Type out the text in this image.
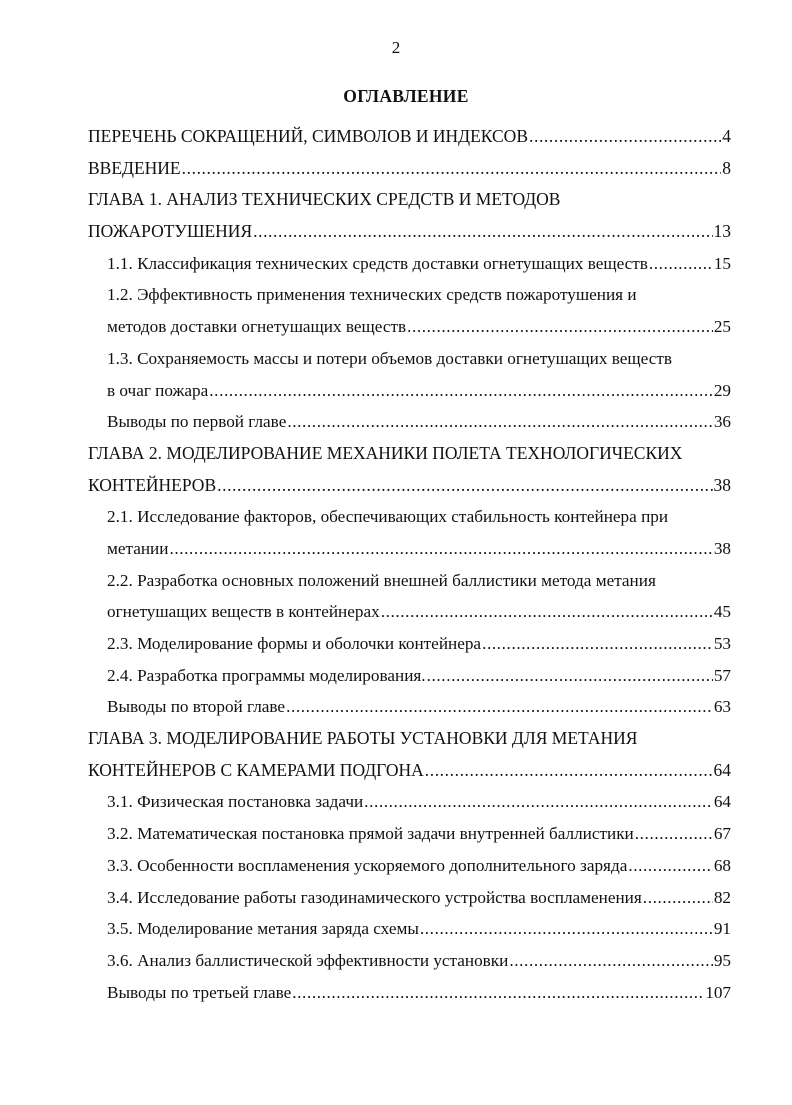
2
ОГЛАВЛЕНИЕ
ПЕРЕЧЕНЬ СОКРАЩЕНИЙ, СИМВОЛОВ И ИНДЕКСОВ .....	4
ВВЕДЕНИЕ .....	8
ГЛАВА 1. АНАЛИЗ ТЕХНИЧЕСКИХ СРЕДСТВ И МЕТОДОВ
ПОЖАРОТУШЕНИЯ .....	13
1.1. Классификация технических средств доставки огнетушащих веществ .....	15
1.2. Эффективность применения технических средств пожаротушения и
методов доставки огнетушащих веществ .....	25
1.3. Сохраняемость массы и потери объемов доставки огнетушащих веществ
в очаг пожара .....	29
Выводы по первой главе .....	36
ГЛАВА 2. МОДЕЛИРОВАНИЕ МЕХАНИКИ ПОЛЕТА ТЕХНОЛОГИЧЕСКИХ
КОНТЕЙНЕРОВ .....	38
2.1. Исследование факторов, обеспечивающих стабильность контейнера при
метании .....	38
2.2. Разработка основных положений внешней баллистики метода метания
огнетушащих веществ в контейнерах .....	45
2.3. Моделирование формы и оболочки контейнера .....	53
2.4. Разработка программы моделирования. .....	57
Выводы по второй главе .....	63
ГЛАВА 3. МОДЕЛИРОВАНИЕ РАБОТЫ УСТАНОВКИ ДЛЯ МЕТАНИЯ
КОНТЕЙНЕРОВ С КАМЕРАМИ ПОДГОНА .....	64
3.1. Физическая постановка задачи .....	64
3.2. Математическая постановка прямой задачи внутренней баллистики .....	67
3.3. Особенности воспламенения ускоряемого дополнительного заряда .....	68
3.4. Исследование работы газодинамического устройства воспламенения .....	82
3.5. Моделирование метания заряда схемы .....	91
3.6. Анализ баллистической эффективности установки .....	95
Выводы по третьей главе .....	107
